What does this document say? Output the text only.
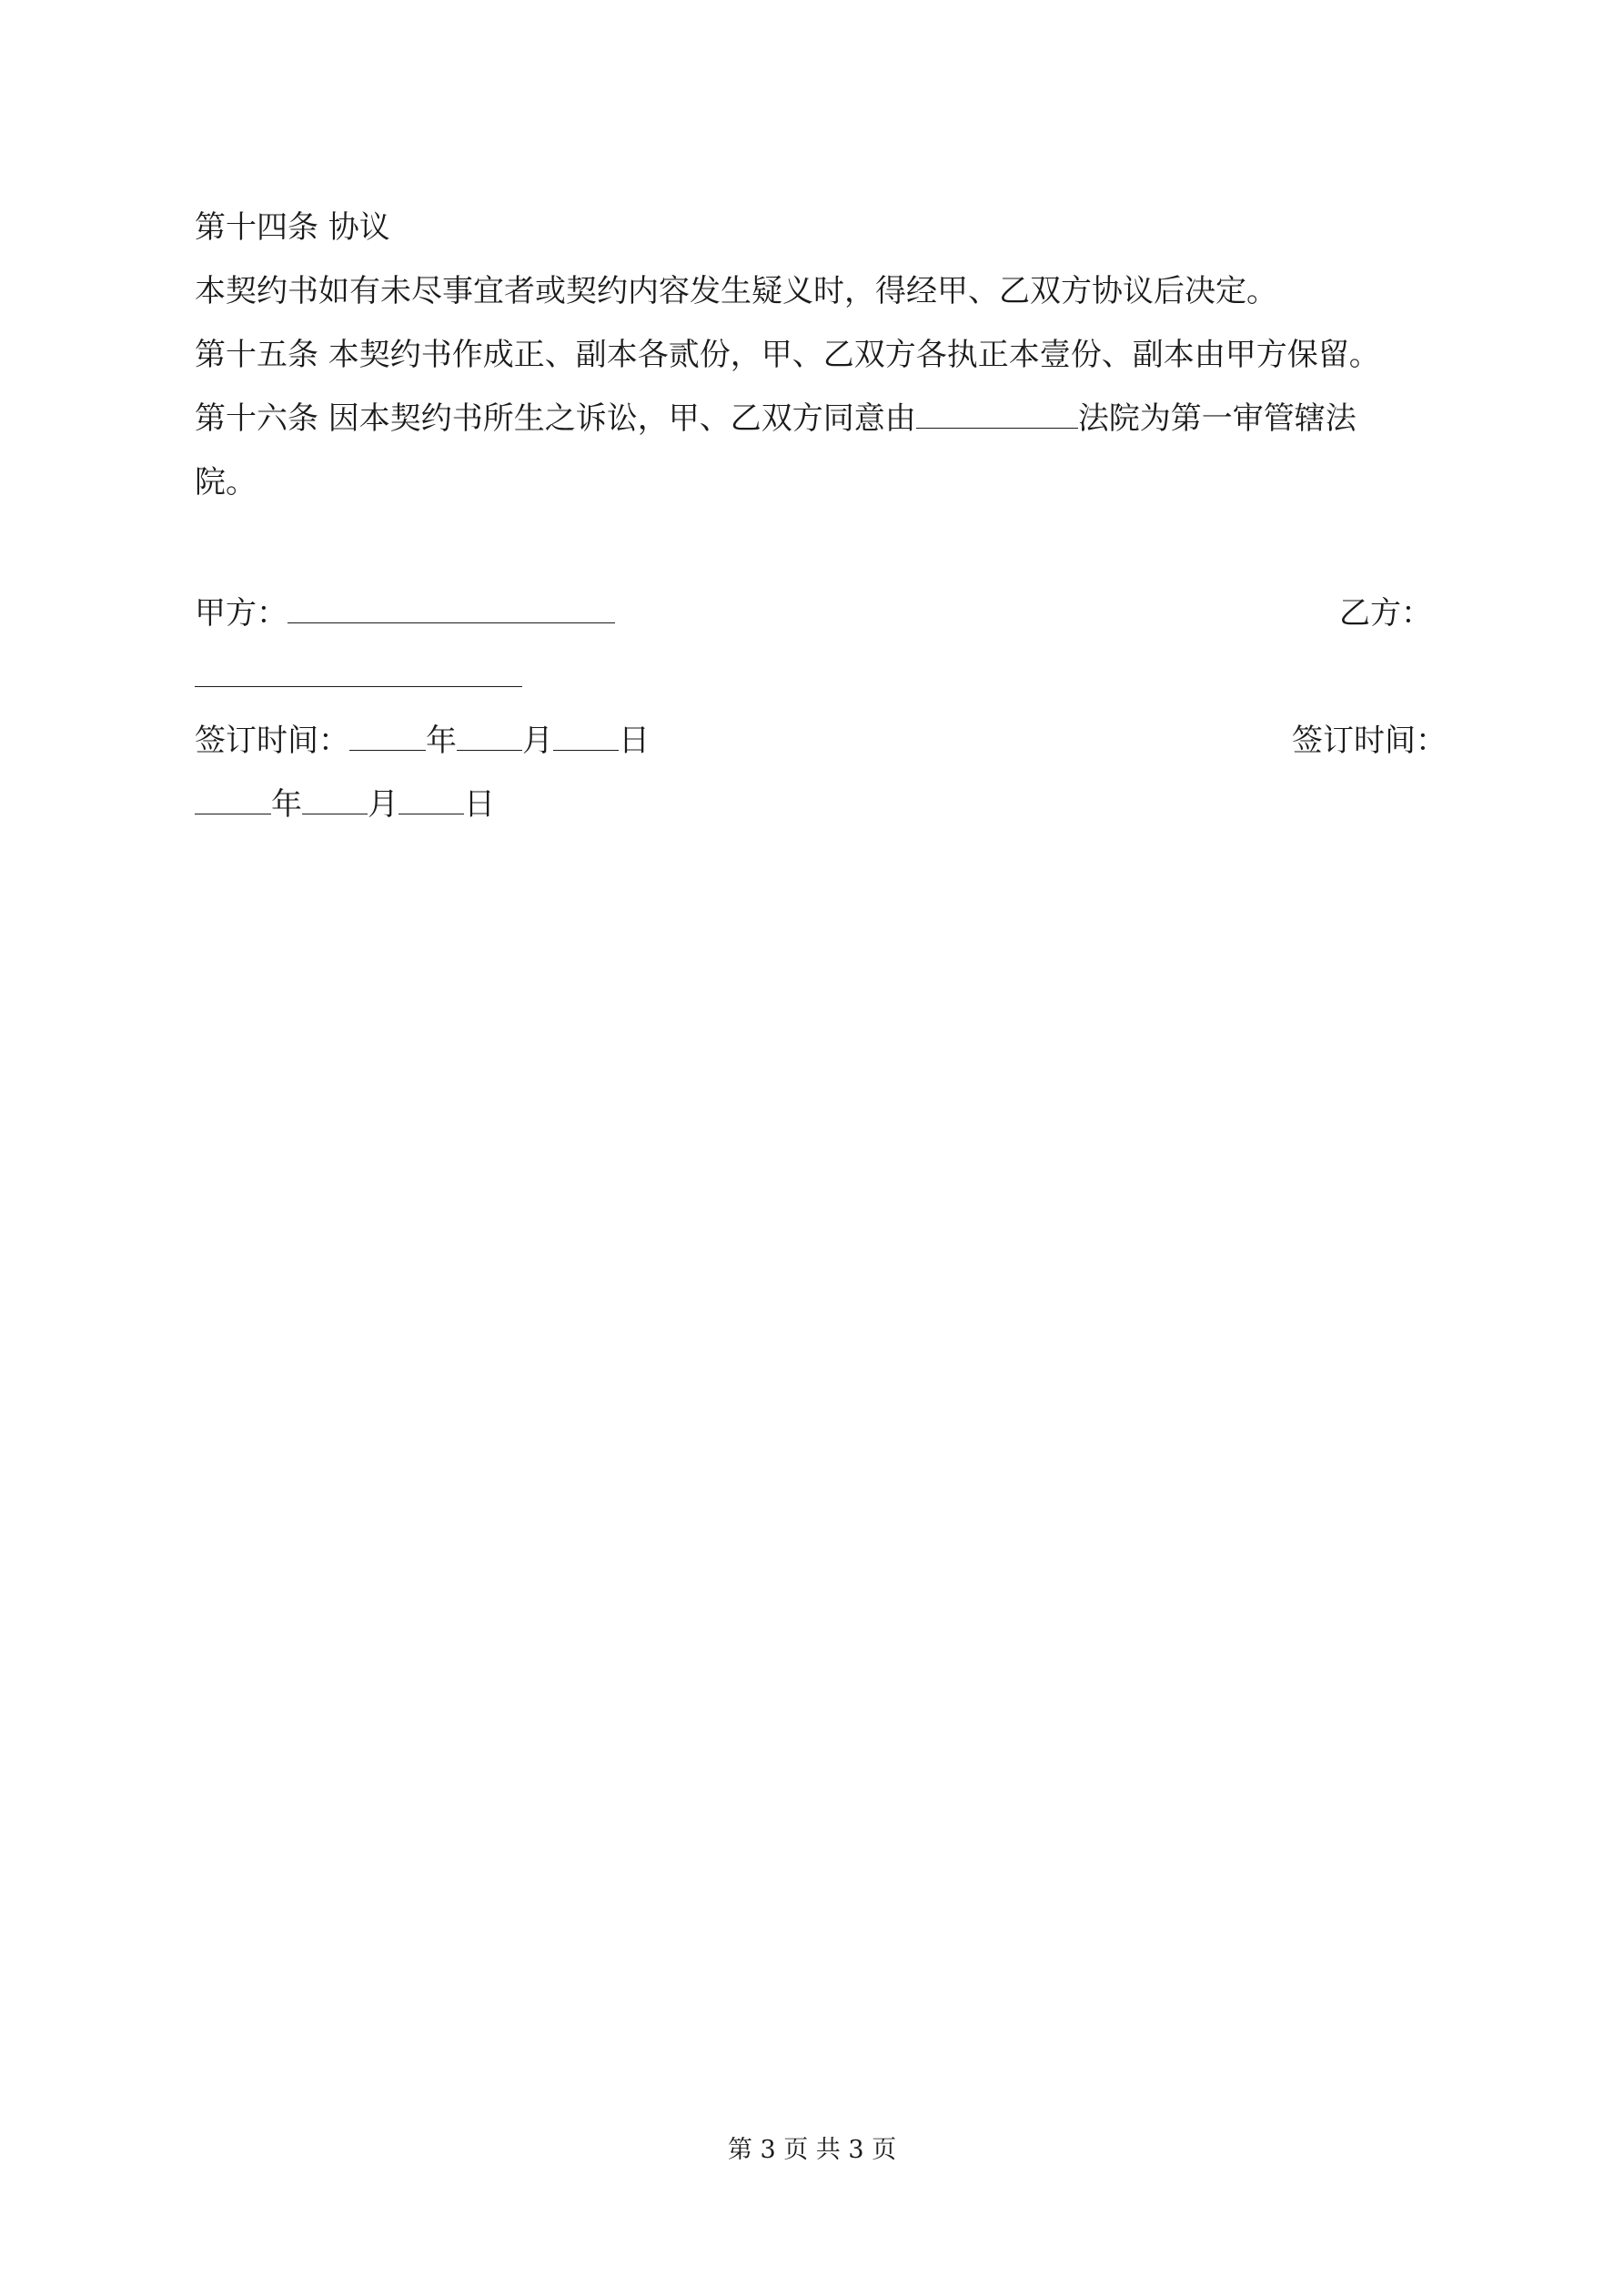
第十四条 协议
本契约书如有未尽事宜者或契约内容发生疑义时，得经甲、乙双方协议后决定。
第十五条 本契约书作成正、副本各贰份，甲、乙双方各执正本壹份、副本由甲方保留。
第十六条 因本契约书所生之诉讼，甲、乙双方同意由	法院为第一审管辖法
院。
甲方：	乙方：
签订时间： 年 月 日	签订时间：
年 月 日
第 3 页 共 3 页
